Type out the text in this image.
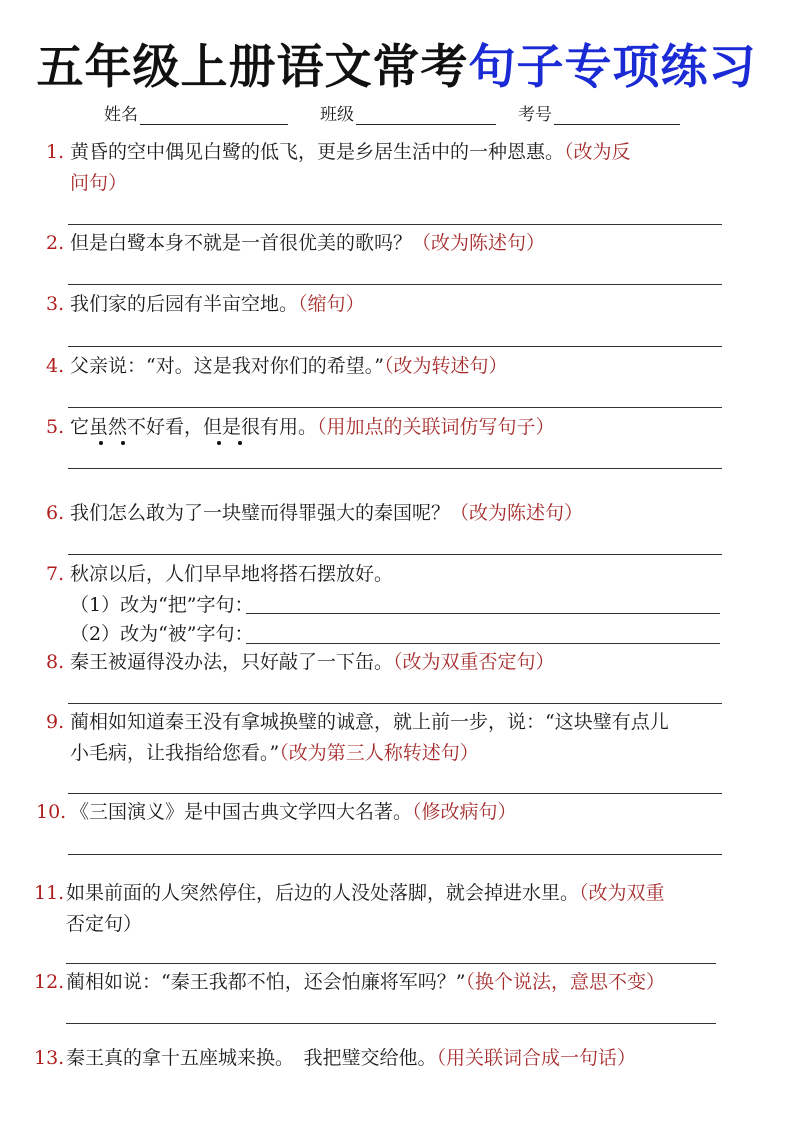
五年级上册语文常考句子专项练习
姓名	班级	考号
1. 黄昏的空中偶见白鹭的低飞，更是乡居生活中的一种恩惠。（改为反
问句）
2. 但是白鹭本身不就是一首很优美的歌吗？（改为陈述句）
3. 我们家的后园有半亩空地。（缩句）
4. 父亲说：“对。这是我对你们的希望。”（改为转述句）
5. 它虽然不好看，但是很有用。（用加点的关联词仿写句子）
6. 我们怎么敢为了一块璧而得罪强大的秦国呢？（改为陈述句）
7. 秋凉以后，人们早早地将搭石摆放好。
（1）改为“把”字句：
（2）改为“被”字句：
8. 秦王被逼得没办法，只好敲了一下缶。（改为双重否定句）
9. 蔺相如知道秦王没有拿城换璧的诚意，就上前一步，说：“这块璧有点儿
小毛病，让我指给您看。”（改为第三人称转述句）
10. 《三国演义》是中国古典文学四大名著。（修改病句）
11. 如果前面的人突然停住，后边的人没处落脚，就会掉进水里。（改为双重
否定句）
12. 蔺相如说：“秦王我都不怕，还会怕廉将军吗？”（换个说法，意思不变）
13. 秦王真的拿十五座城来换。　我把璧交给他。（用关联词合成一句话）
